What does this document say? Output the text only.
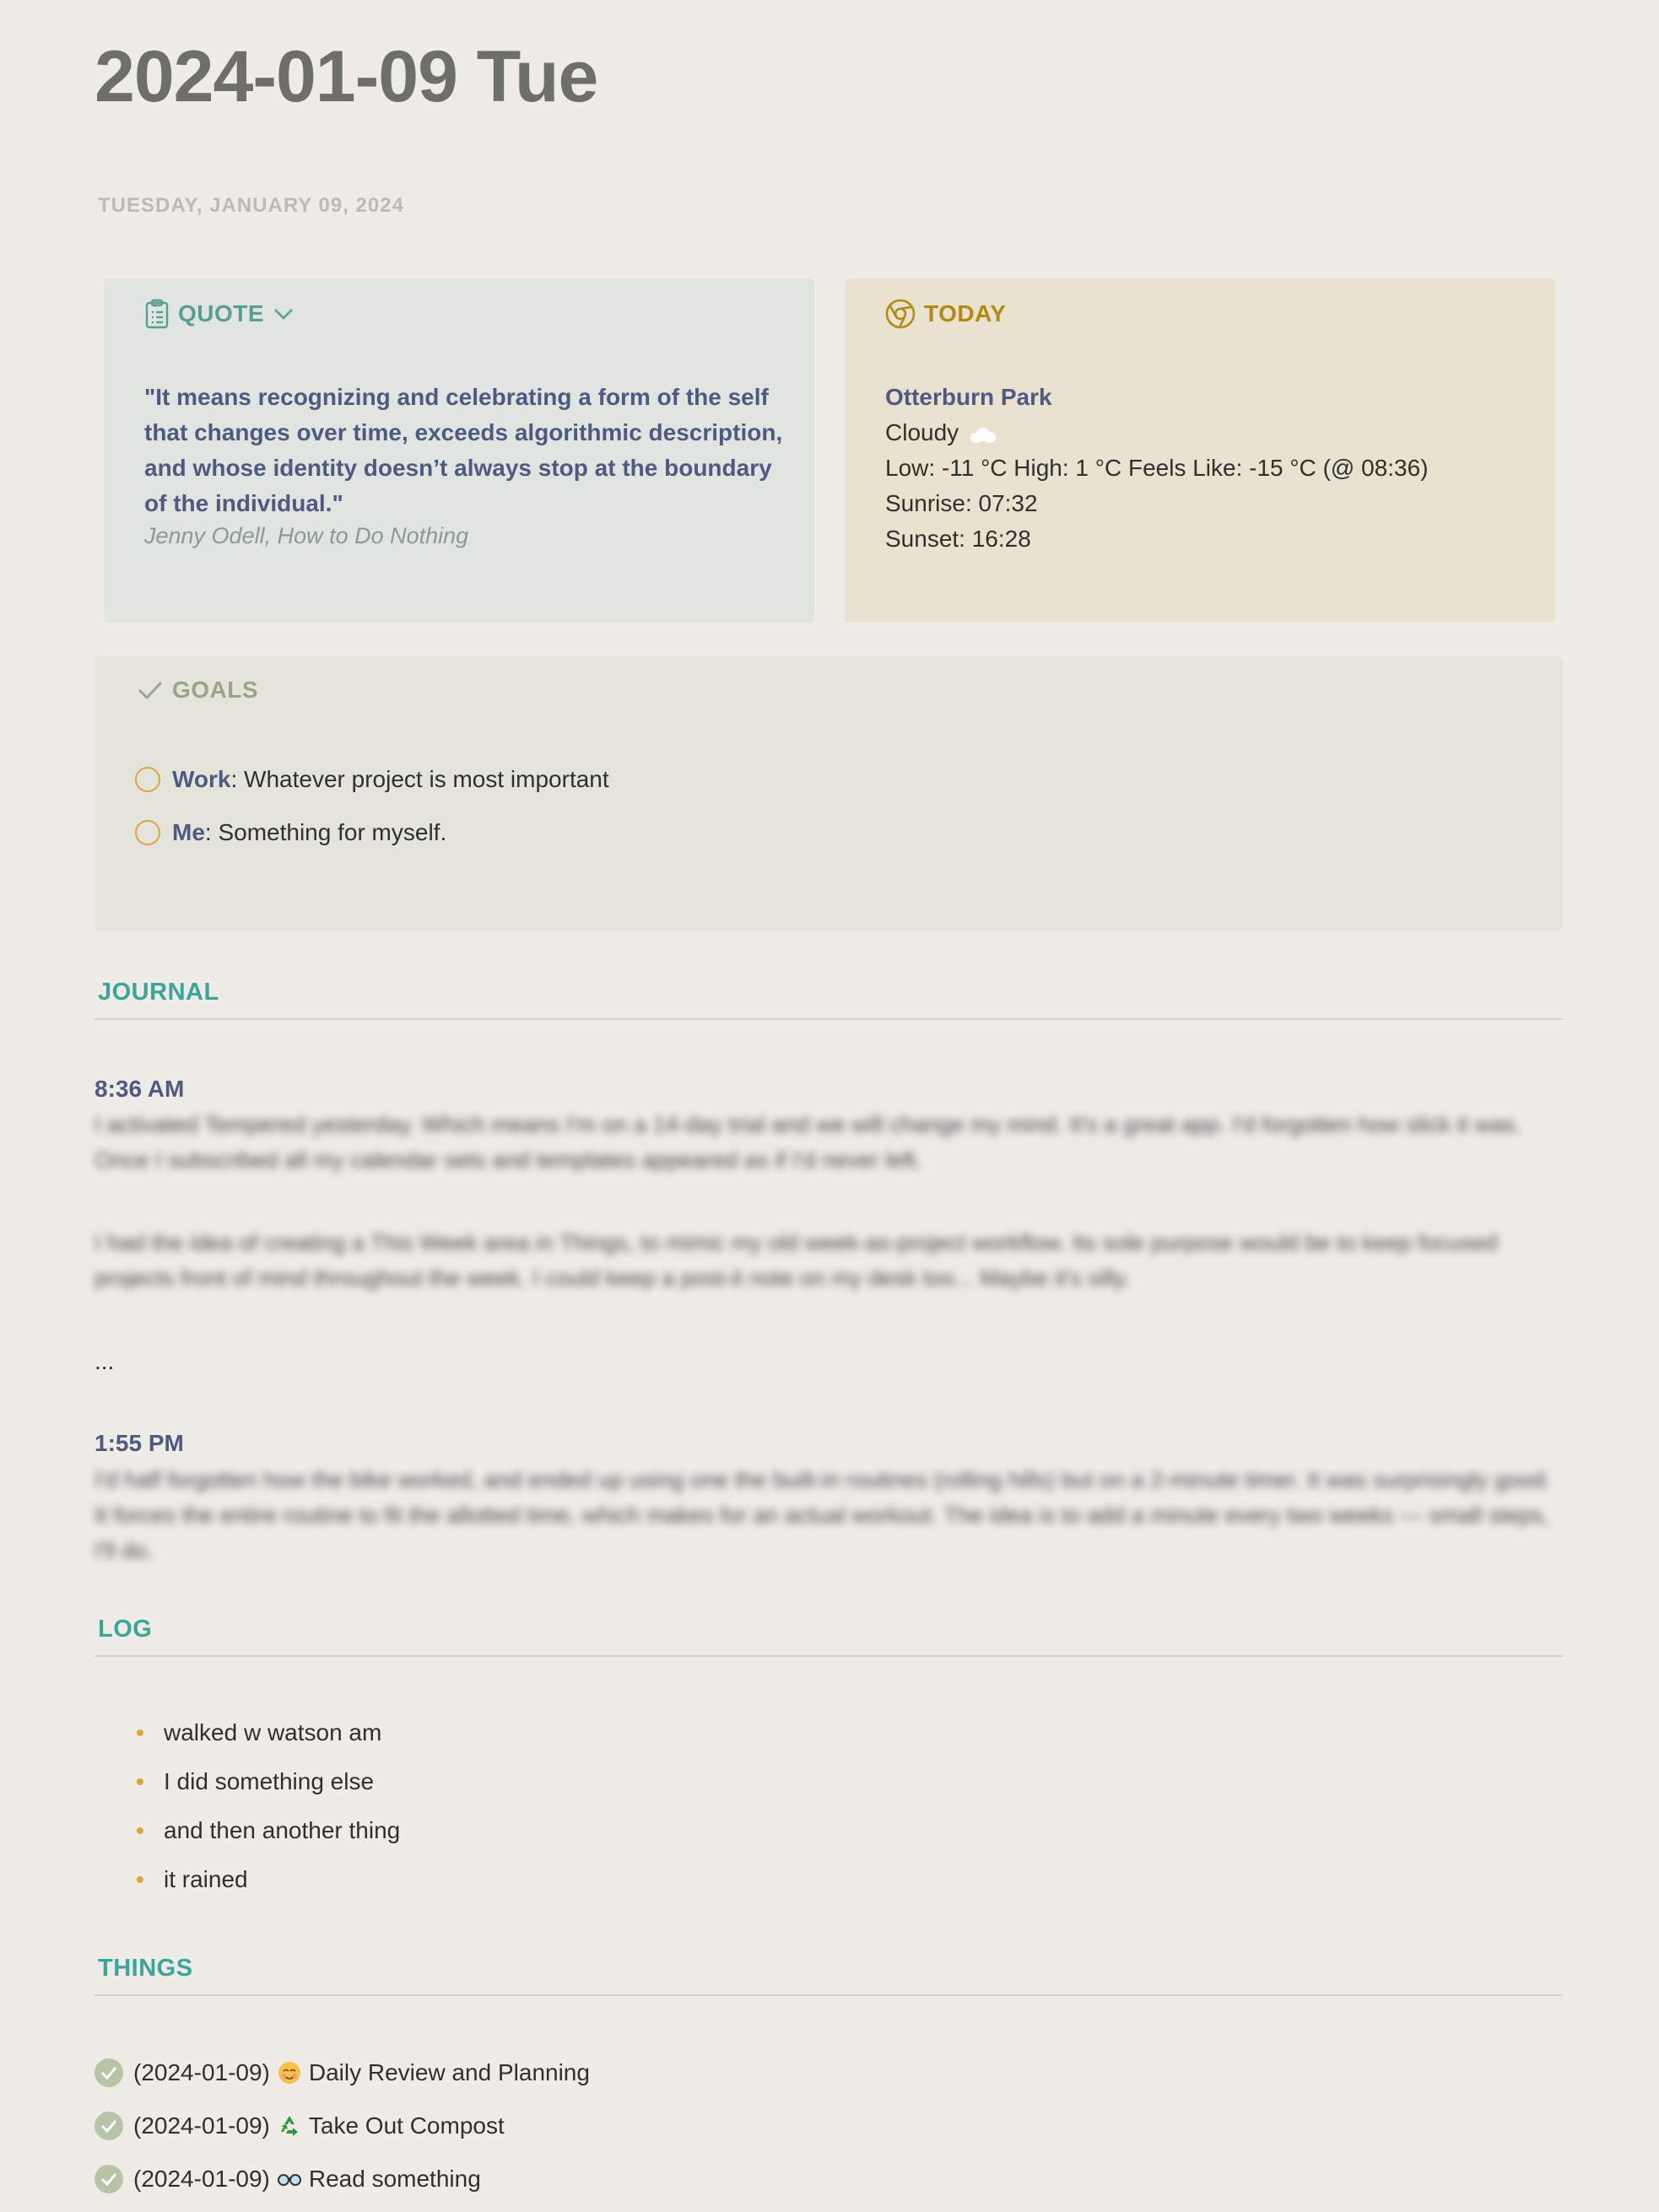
2024-01-09 Tue
TUESDAY, JANUARY 09, 2024
QUOTE
"It means recognizing and celebrating a form of the self that changes over time, exceeds algorithmic description, and whose identity doesn’t always stop at the boundary of the individual."
Jenny Odell, How to Do Nothing
TODAY
Otterburn Park
Cloudy
Low: -11 °C High: 1 °C Feels Like: -15 °C (@ 08:36)
Sunrise: 07:32
Sunset: 16:28
GOALS
Work : Whatever project is most important
Me : Something for myself.
JOURNAL
8:36 AM
I activated Tempered yesterday. Which means I'm on a 14-day trial and we will change my mind. It's a great app. I'd forgotten how slick it was. Once I subscribed all my calendar sets and templates appeared as if I'd never left.
I had the idea of creating a This Week area in Things, to mimic my old week-as-project workflow. Its sole purpose would be to keep focused projects front of mind throughout the week. I could keep a post-it note on my desk too... Maybe it's silly.
...
1:55 PM
I'd half forgotten how the bike worked, and ended up using one the built-in routines (rolling hills) but on a 2-minute timer. It was surprisingly good. It forces the entire routine to fit the allotted time, which makes for an actual workout. The idea is to add a minute every two weeks — small steps, I'll do.
LOG
walked w watson am
I did something else
and then another thing
it rained
THINGS
(2024-01-09) Daily Review and Planning
(2024-01-09) Take Out Compost
(2024-01-09) Read something
